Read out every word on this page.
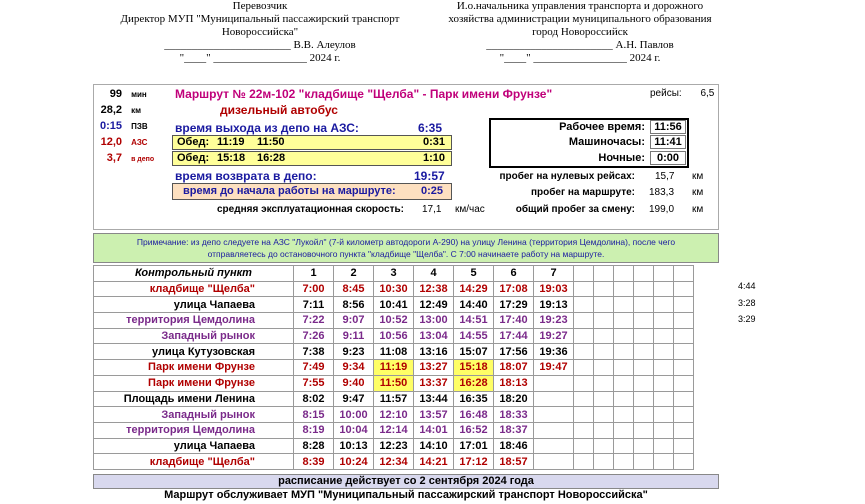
Перевозчик
Директор МУП "Муниципальный пассажирский транспорт
Новороссийска"
_______________________ В.В. Алеулов
"____" _________________ 2024 г.
И.о.начальника управления транспорта и дорожного
хозяйства администрации муниципального образования
город Новороссийск
_______________________ А.Н. Павлов
"____" _________________ 2024 г.
99 мин
28,2 км
0:15 ПЗВ
12,0 АЗС
3,7 в депо
Маршрут № 22м-102 "кладбище "Щелба" - Парк имени Фрунзе"
дизельный автобус
рейсы: 6,5
время выхода из депо на АЗС:	6:35
Обед: 11:19 11:50	0:31
Обед: 15:18 16:28	1:10
время возврата в депо:	19:57
время до начала работы на маршруте: 0:25
средняя эксплуатационная скорость: 17,1 км/час
Рабочее время: 11:56
Машиночасы: 11:41
Ночные:	0:00
пробег на нулевых рейсах: 15,7 км
пробег на маршруте: 183,3 км
общий пробег за смену: 199,0 км
Примечание: из депо следуете на АЗС "Лукойл" (7-й километр автодороги А-290) на улицу Ленина (территория Цемдолина), после чего
отправляетесь до остановочного пункта "кладбище "Щелба". С 7:00 начинаете работу на маршруте.
Контрольный пункт	1	2	3	4	5	6	7						
кладбище "Щелба"	7:00	8:45	10:30	12:38	14:29	17:08	19:03						
улица Чапаева	7:11	8:56	10:41	12:49	14:40	17:29	19:13						
территория Цемдолина	7:22	9:07	10:52	13:00	14:51	17:40	19:23						
Западный рынок	7:26	9:11	10:56	13:04	14:55	17:44	19:27						
улица Кутузовская	7:38	9:23	11:08	13:16	15:07	17:56	19:36						
Парк имени Фрунзе	7:49	9:34	11:19	13:27	15:18	18:07	19:47						
Парк имени Фрунзе	7:55	9:40	11:50	13:37	16:28	18:13							
Площадь имени Ленина	8:02	9:47	11:57	13:44	16:35	18:20							
Западный рынок	8:15	10:00	12:10	13:57	16:48	18:33							
территория Цемдолина	8:19	10:04	12:14	14:01	16:52	18:37							
улица Чапаева	8:28	10:13	12:23	14:10	17:01	18:46							
кладбище "Щелба"	8:39	10:24	12:34	14:21	17:12	18:57							
4:44
3:28
3:29
расписание действует со 2 сентября 2024 года
Маршрут обслуживает МУП "Муниципальный пассажирский транспорт Новороссийска"
